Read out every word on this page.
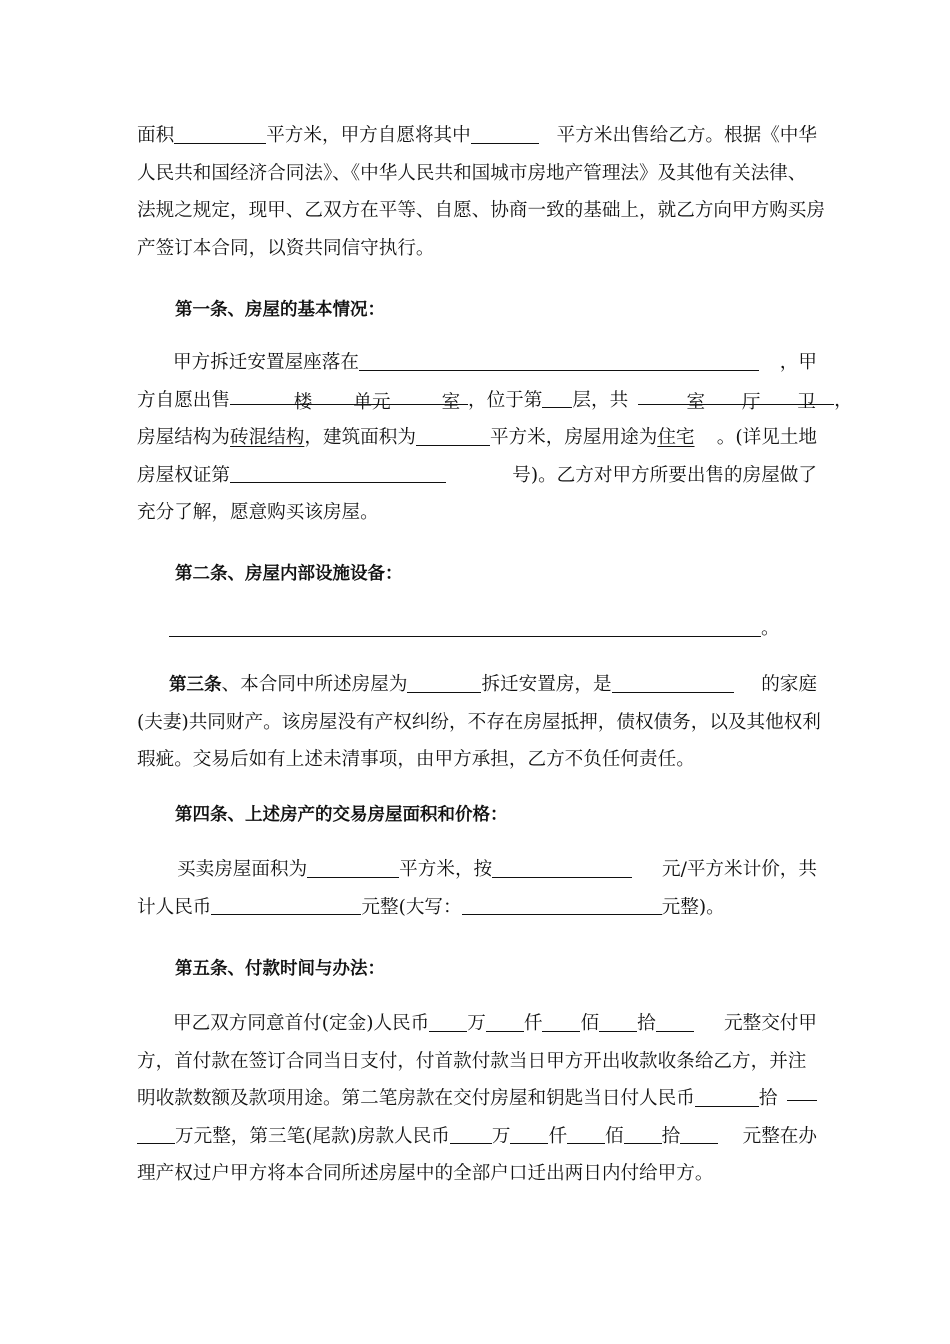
面积	平方米，甲方自愿将其中	平方米出售给乙方。根据《中华
人民共和国经济合同法》、《中华人民共和国城市房地产管理法》及其他有关法律、
法规之规定，现甲、乙双方在平等、自愿、协商一致的基础上，就乙方向甲方购买房
产签订本合同，以资共同信守执行。
第一条、房屋的基本情况：
甲方拆迁安置屋座落在	，甲
方自愿出售	楼 单元	室 ，位于第 层，共	室 厅 卫 ，
房屋结构为砖混结构，建筑面积为	平方米，房屋用途为住宅 。(详见土地
房屋权证第	号)。乙方对甲方所要出售的房屋做了
充分了解，愿意购买该房屋。
第二条、房屋内部设施设备：
。
第三条、本合同中所述房屋为	拆迁安置房，是	的家庭
(夫妻)共同财产。该房屋没有产权纠纷，不存在房屋抵押，债权债务，以及其他权利
瑕疵。交易后如有上述未清事项，由甲方承担，乙方不负任何责任。
第四条、上述房产的交易房屋面积和价格：
买卖房屋面积为	平方米，按	元/平方米计价，共
计人民币	元整(大写：	元整)。
第五条、付款时间与办法：
甲乙双方同意首付(定金)人民币 万 仟 佰 拾	元整交付甲
方，首付款在签订合同当日支付，付首款付款当日甲方开出收款收条给乙方，并注
明收款数额及款项用途。第二笔房款在交付房屋和钥匙当日付人民币	拾
万元整，第三笔(尾款)房款人民币 万 仟 佰 拾	元整在办
理产权过户甲方将本合同所述房屋中的全部户口迁出两日内付给甲方。
